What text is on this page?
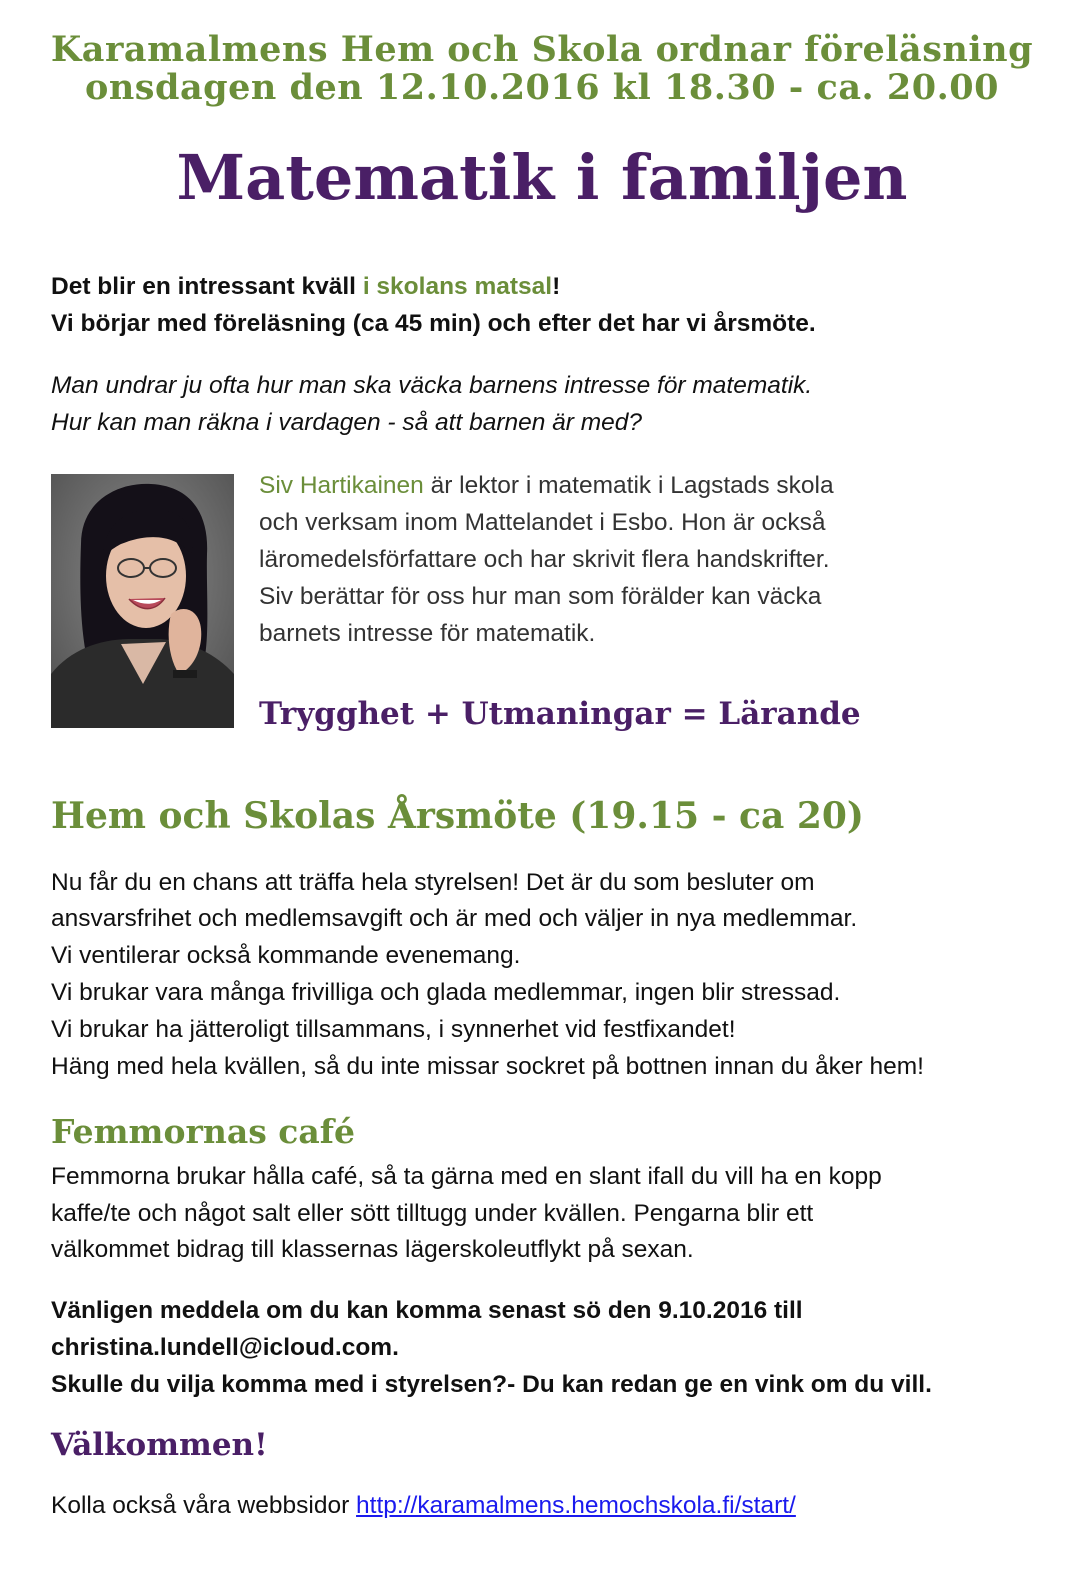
Karamalmens Hem och Skola ordnar föreläsning
onsdagen den 12.10.2016 kl 18.30 - ca. 20.00
Matematik i familjen
Det blir en intressant kväll i skolans matsal!
Vi börjar med föreläsning (ca 45 min) och efter det har vi årsmöte.
Man undrar ju ofta hur man ska väcka barnens intresse för matematik.
Hur kan man räkna i vardagen - så att barnen är med?
Siv Hartikainen är lektor i matematik i Lagstads skola
och verksam inom Mattelandet i Esbo. Hon är också
läromedelsförfattare och har skrivit flera handskrifter.
Siv berättar för oss hur man som förälder kan väcka
barnets intresse för matematik.
Trygghet + Utmaningar = Lärande
Hem och Skolas Årsmöte (19.15 - ca 20)
Nu får du en chans att träffa hela styrelsen! Det är du som besluter om
ansvarsfrihet och medlemsavgift och är med och väljer in nya medlemmar.
Vi ventilerar också kommande evenemang.
Vi brukar vara många frivilliga och glada medlemmar, ingen blir stressad.
Vi brukar ha jätteroligt tillsammans, i synnerhet vid festfixandet!
Häng med hela kvällen, så du inte missar sockret på bottnen innan du åker hem!
Femmornas café
Femmorna brukar hålla café, så ta gärna med en slant ifall du vill ha en kopp
kaffe/te och något salt eller sött tilltugg under kvällen. Pengarna blir ett
välkommet bidrag till klassernas lägerskoleutflykt på sexan.
Vänligen meddela om du kan komma senast sö den 9.10.2016 till
christina.lundell@icloud.com.
Skulle du vilja komma med i styrelsen?- Du kan redan ge en vink om du vill.
Välkommen!
Kolla också våra webbsidor http://karamalmens.hemochskola.fi/start/
